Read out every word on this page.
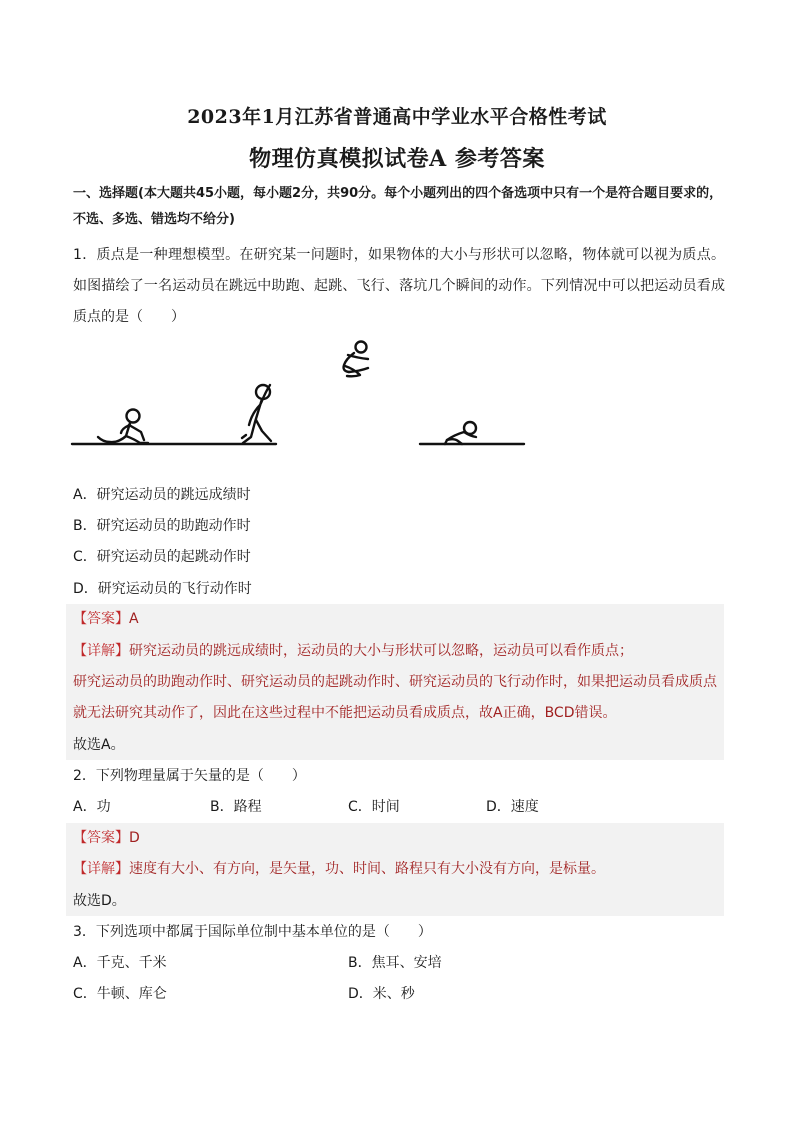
2023年1月江苏省普通高中学业水平合格性考试
物理仿真模拟试卷A 参考答案
一、选择题(本大题共45小题，每小题2分，共90分。每个小题列出的四个备选项中只有一个是符合题目要求的，不选、多选、错选均不给分)
1．质点是一种理想模型。在研究某一问题时，如果物体的大小与形状可以忽略，物体就可以视为质点。如图描绘了一名运动员在跳远中助跑、起跳、飞行、落坑几个瞬间的动作。下列情况中可以把运动员看成质点的是（　　）
A．研究运动员的跳远成绩时
B．研究运动员的助跑动作时
C．研究运动员的起跳动作时
D．研究运动员的飞行动作时
【答案】A
【详解】研究运动员的跳远成绩时，运动员的大小与形状可以忽略，运动员可以看作质点；
研究运动员的助跑动作时、研究运动员的起跳动作时、研究运动员的飞行动作时，如果把运动员看成质点
就无法研究其动作了，因此在这些过程中不能把运动员看成质点，故A正确，BCD错误。
故选A。
2．下列物理量属于矢量的是（　　）
A．功	B．路程	C．时间	D．速度
【答案】D
【详解】速度有大小、有方向，是矢量，功、时间、路程只有大小没有方向，是标量。
故选D。
3．下列选项中都属于国际单位制中基本单位的是（　　）
A．千克、千米	B．焦耳、安培
C．牛顿、库仑	D．米、秒
